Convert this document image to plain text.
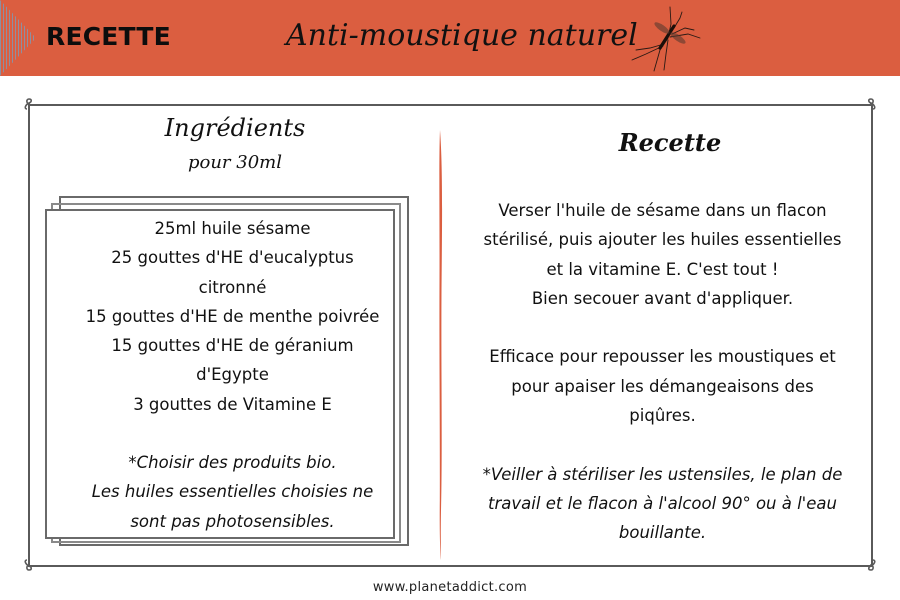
RECETTE	Anti-moustique naturel
Ingrédients
pour 30ml
25ml huile sésame
25 gouttes d'HE d'eucalyptus
citronné
15 gouttes d'HE de menthe poivrée
15 gouttes d'HE de géranium
d'Egypte
3 gouttes de Vitamine E
*Choisir des produits bio.
Les huiles essentielles choisies ne
sont pas photosensibles.
Recette
Verser l'huile de sésame dans un flacon
stérilisé, puis ajouter les huiles essentielles
et la vitamine E. C'est tout !
Bien secouer avant d'appliquer.
Efficace pour repousser les moustiques et
pour apaiser les démangeaisons des
piqûres.
*Veiller à stériliser les ustensiles, le plan de
travail et le flacon à l'alcool 90° ou à l'eau
bouillante.
www.planetaddict.com
